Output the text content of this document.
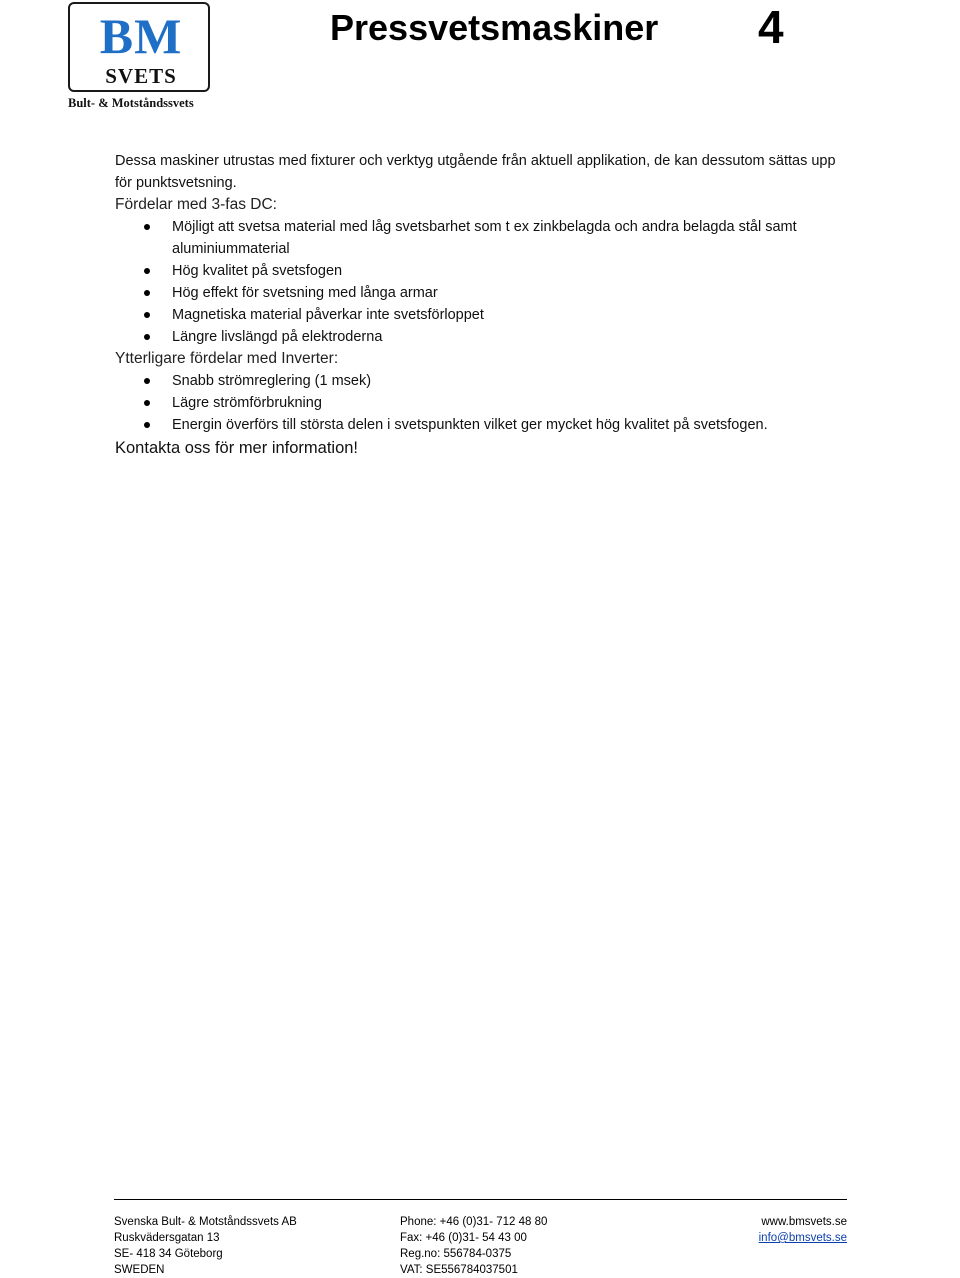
BM
SVETS
Bult- & Motståndssvets
Pressvetsmaskiner 4

Dessa maskiner utrustas med fixturer och verktyg utgående från aktuell applikation, de kan dessutom sättas upp för punktsvetsning.

Fördelar med 3-fas DC:

Möjligt att svetsa material med låg svetsbarhet som t ex zinkbelagda och andra belagda stål samt aluminiummaterial
Hög kvalitet på svetsfogen
Hög effekt för svetsning med långa armar
Magnetiska material påverkar inte svetsförloppet
Längre livslängd på elektroderna

Ytterligare fördelar med Inverter:

Snabb strömreglering (1 msek)
Lägre strömförbrukning
Energin överförs till största delen i svetspunkten vilket ger mycket hög kvalitet på svetsfogen.

Kontakta oss för mer information!

Svenska Bult- & Motståndssvets AB
Ruskvädersgatan 13
SE- 418 34 Göteborg
SWEDEN
Phone: +46 (0)31- 712 48 80
Fax: +46 (0)31- 54 43 00
Reg.no: 556784-0375
VAT: SE556784037501
www.bmsvets.se
info@bmsvets.se
